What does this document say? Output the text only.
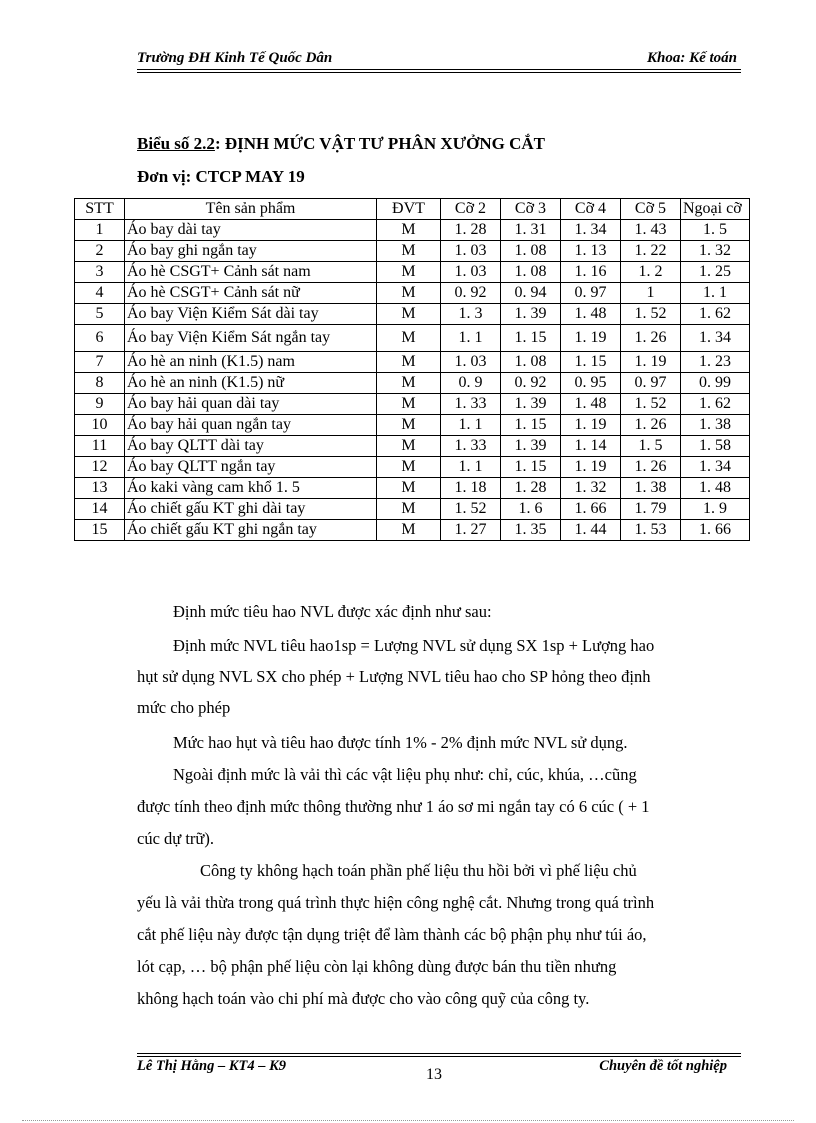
Trường ĐH Kinh Tế Quốc Dân	Khoa: Kế toán
Biểu số 2.2: ĐỊNH MỨC VẬT TƯ PHÂN XƯỞNG CẮT
Đơn vị: CTCP MAY 19
STT	Tên sản phẩm	ĐVT	Cỡ 2	Cỡ 3	Cỡ 4	Cỡ 5	Ngoại cỡ
1	Áo bay dài tay	M	1. 28	1. 31	1. 34	1. 43	1. 5
2	Áo bay ghi ngắn tay	M	1. 03	1. 08	1. 13	1. 22	1. 32
3	Áo hè CSGT+ Cảnh sát nam	M	1. 03	1. 08	1. 16	1. 2	1. 25
4	Áo hè CSGT+ Cảnh sát nữ	M	0. 92	0. 94	0. 97	1	1. 1
5	Áo bay Viện Kiểm Sát dài tay	M	1. 3	1. 39	1. 48	1. 52	1. 62
6	Áo bay Viện Kiểm Sát ngắn tay	M	1. 1	1. 15	1. 19	1. 26	1. 34
7	Áo hè an ninh (K1.5) nam	M	1. 03	1. 08	1. 15	1. 19	1. 23
8	Áo hè an ninh (K1.5) nữ	M	0. 9	0. 92	0. 95	0. 97	0. 99
9	Áo bay hải quan dài tay	M	1. 33	1. 39	1. 48	1. 52	1. 62
10	Áo bay hải quan ngắn tay	M	1. 1	1. 15	1. 19	1. 26	1. 38
11	Áo bay QLTT dài tay	M	1. 33	1. 39	1. 14	1. 5	1. 58
12	Áo bay QLTT ngắn tay	M	1. 1	1. 15	1. 19	1. 26	1. 34
13	Áo kaki vàng cam khổ 1. 5	M	1. 18	1. 28	1. 32	1. 38	1. 48
14	Áo chiết gấu KT ghi dài tay	M	1. 52	1. 6	1. 66	1. 79	1. 9
15	Áo chiết gấu KT ghi ngắn tay	M	1. 27	1. 35	1. 44	1. 53	1. 66
Định mức tiêu hao NVL được xác định như sau:
Định mức NVL tiêu hao1sp = Lượng NVL sử dụng SX 1sp + Lượng hao
hụt sử dụng NVL SX cho phép + Lượng NVL tiêu hao cho SP hỏng theo định
mức cho phép
Mức hao hụt và tiêu hao được tính 1% - 2% định mức NVL sử dụng.
Ngoài định mức là vải thì các vật liệu phụ như: chỉ, cúc, khúa, …cũng
được tính theo định mức thông thường như 1 áo sơ mi ngắn tay có 6 cúc ( + 1
cúc dự trữ).
Công ty không hạch toán phần phế liệu thu hồi bởi vì phế liệu chủ
yếu là vải thừa trong quá trình thực hiện công nghệ cắt. Nhưng trong quá trình
cắt phế liệu này được tận dụng triệt để làm thành các bộ phận phụ như túi áo,
lót cạp, … bộ phận phế liệu còn lại không dùng được bán thu tiền nhưng
không hạch toán vào chi phí mà được cho vào công quỹ của công ty.
Lê Thị Hằng – KT4 – K9	13	Chuyên đề tốt nghiệp
